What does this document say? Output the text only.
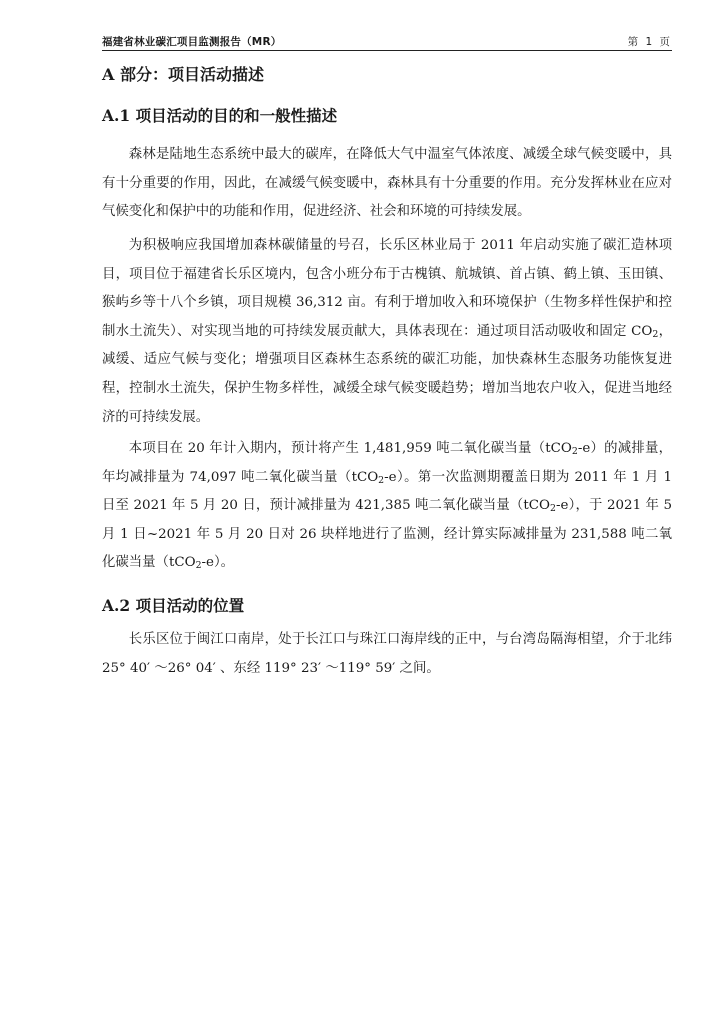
福建省林业碳汇项目监测报告（MR）	第 1 页
A 部分：项目活动描述
A.1 项目活动的目的和一般性描述

森林是陆地生态系统中最大的碳库，在降低大气中温室气体浓度、减缓全球气候变暖中，具有十分重要的作用，因此，在减缓气候变暖中，森林具有十分重要的作用。充分发挥林业在应对气候变化和保护中的功能和作用，促进经济、社会和环境的可持续发展。

为积极响应我国增加森林碳储量的号召，长乐区林业局于 2011 年启动实施了碳汇造林项目，项目位于福建省长乐区境内，包含小班分布于古槐镇、航城镇、首占镇、鹤上镇、玉田镇、猴屿乡等十八个乡镇，项目规模 36,312 亩。有利于增加收入和环境保护（生物多样性保护和控制水土流失）、对实现当地的可持续发展贡献大，具体表现在：通过项目活动吸收和固定 $CO_2$，减缓、适应气候与变化；增强项目区森林生态系统的碳汇功能，加快森林生态服务功能恢复进程，控制水土流失，保护生物多样性，减缓全球气候变暖趋势；增加当地农户收入，促进当地经济的可持续发展。

本项目在 20 年计入期内，预计将产生 1,481,959 吨二氧化碳当量（tCO$_2$-e）的减排量，年均减排量为 74,097 吨二氧化碳当量（tCO$_2$-e）。第一次监测期覆盖日期为 2011 年 1 月 1 日至 2021 年 5 月 20 日，预计减排量为 421,385 吨二氧化碳当量（tCO$_2$-e），于 2021 年 5 月 1 日~2021 年 5 月 20 日对 26 块样地进行了监测，经计算实际减排量为 231,588 吨二氧化碳当量（tCO$_2$-e）。

A.2 项目活动的位置

长乐区位于闽江口南岸，处于长江口与珠江口海岸线的正中，与台湾岛隔海相望，介于北纬 25° 40′ ～26° 04′ 、东经 119° 23′ ～119° 59′ 之间。
